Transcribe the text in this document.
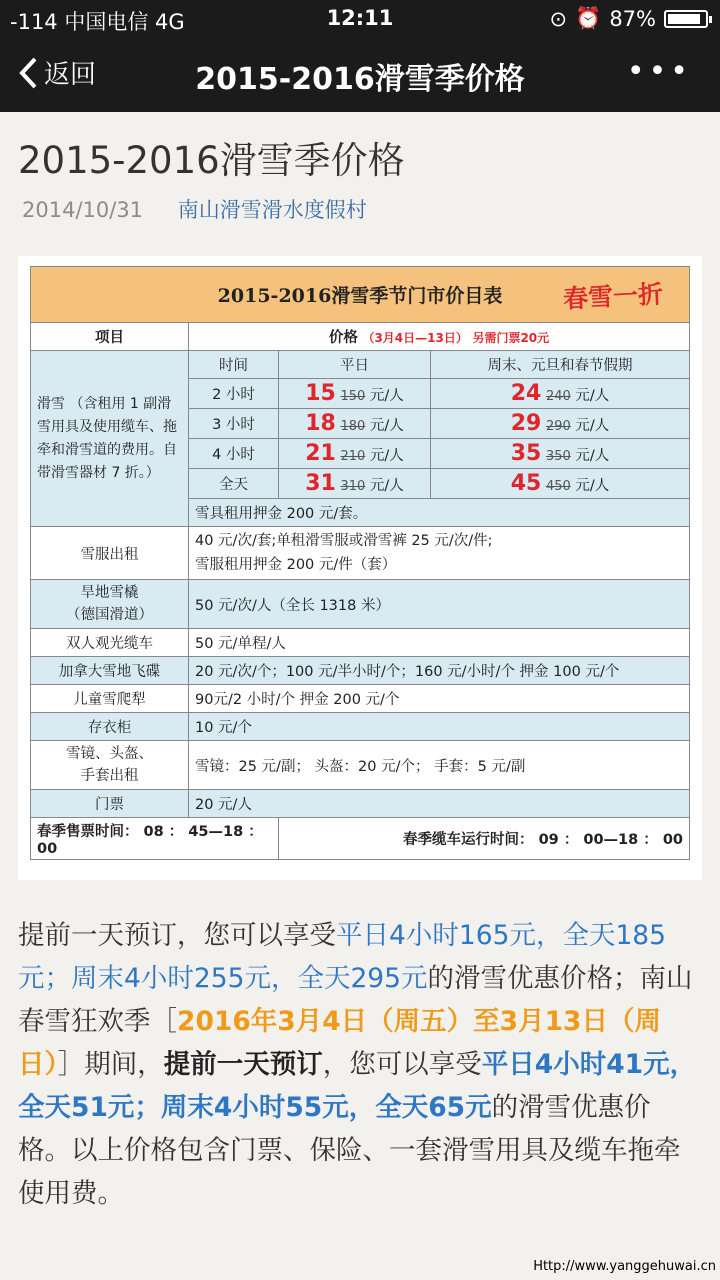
-114 中国电信 4G	12:11	⊙ ⏰ 87%
返回	2015-2016滑雪季价格	•••
2015-2016滑雪季价格
2014/10/31 南山滑雪滑水度假村
2015-2016滑雪季节门市价目表 春雪一折			

项目	价格 （3月4日—13日） 另需门票20元		
滑雪 （含租用 1 副滑雪用具及使用缆车、拖牵和滑雪道的费用。自带滑雪器材 7 折。）	时间	平日	周末、元旦和春节假期
	2 小时	15 150 元/人	24 240 元/人
	3 小时	18 180 元/人	29 290 元/人
	4 小时	21 210 元/人	35 350 元/人
	全天	31 310 元/人	45 450 元/人
	雪具租用押金 200 元/套。		
雪服出租	40 元/次/套;单租滑雪服或滑雪裤 25 元/次/件;
雪服租用押金 200 元/件（套）		

旱地雪橇
（德国滑道）	50 元/次/人（全长 1318 米）		
双人观光缆车	50 元/单程/人		
加拿大雪地飞碟	20 元/次/个；100 元/半小时/个；160 元/小时/个 押金 100 元/个		
儿童雪爬犁	90元/2 小时/个 押金 200 元/个		
存衣柜	10 元/个		

雪镜、头盔、
手套出租	雪镜：25 元/副； 头盔：20 元/个； 手套：5 元/副		
门票	20 元/人		
春季售票时间： 08 ： 45—18 ： 00		春季缆车运行时间： 09 ： 00—18 ： 00	
提前一天预订，您可以享受平日4小时165元，全天185元；周末4小时255元，全天295元的滑雪优惠价格；南山春雪狂欢季［2016年3月4日（周五）至3月13日（周日）］期间，提前一天预订，您可以享受平日4小时41元，全天51元；周末4小时55元，全天65元的滑雪优惠价格。以上价格包含门票、保险、一套滑雪用具及缆车拖牵使用费。
Http://www.yanggehuwai.cn
